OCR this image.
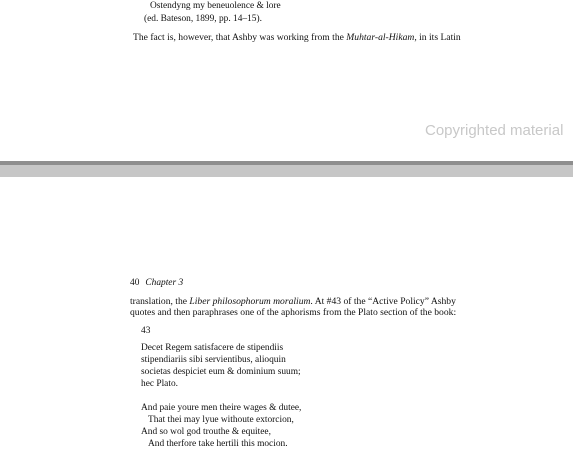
Ostendyng my beneuolence & lore
(ed. Bateson, 1899, pp. 14–15).
The fact is, however, that Ashby was working from the Muhtar-al-Hikam, in its Latin
Copyrighted material
40 Chapter 3
translation, the Liber philosophorum moralium. At #43 of the “Active Policy” Ashby
quotes and then paraphrases one of the aphorisms from the Plato section of the book:
43
Decet Regem satisfacere de stipendiis
stipendiariis sibi servientibus, alioquin
societas despiciet eum & dominium suum;
hec Plato.
And paie youre men theire wages & dutee,
That thei may lyue withoute extorcion,
And so wol god trouthe & equitee,
And therfore take hertili this mocion.
